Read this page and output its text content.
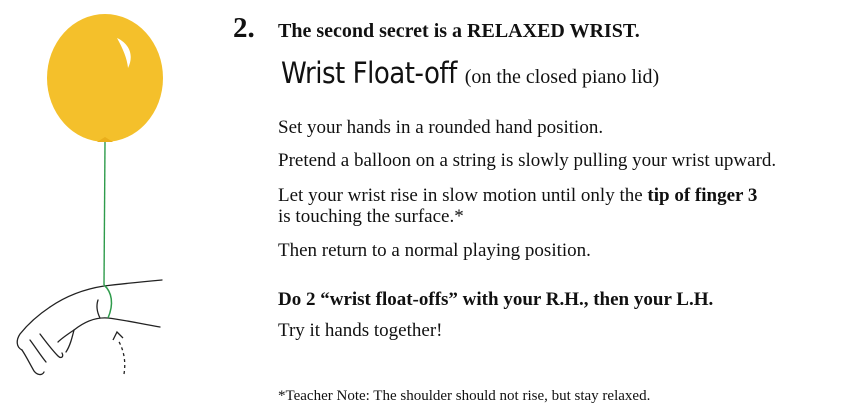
2. The second secret is a RELAXED WRIST.
Wrist Float-off (on the closed piano lid)
Set your hands in a rounded hand position.
Pretend a balloon on a string is slowly pulling your wrist upward.
Let your wrist rise in slow motion until only the tip of finger 3
is touching the surface.*
Then return to a normal playing position.
Do 2 “wrist float-offs” with your R.H., then your L.H.
Try it hands together!
*Teacher Note: The shoulder should not rise, but stay relaxed.
